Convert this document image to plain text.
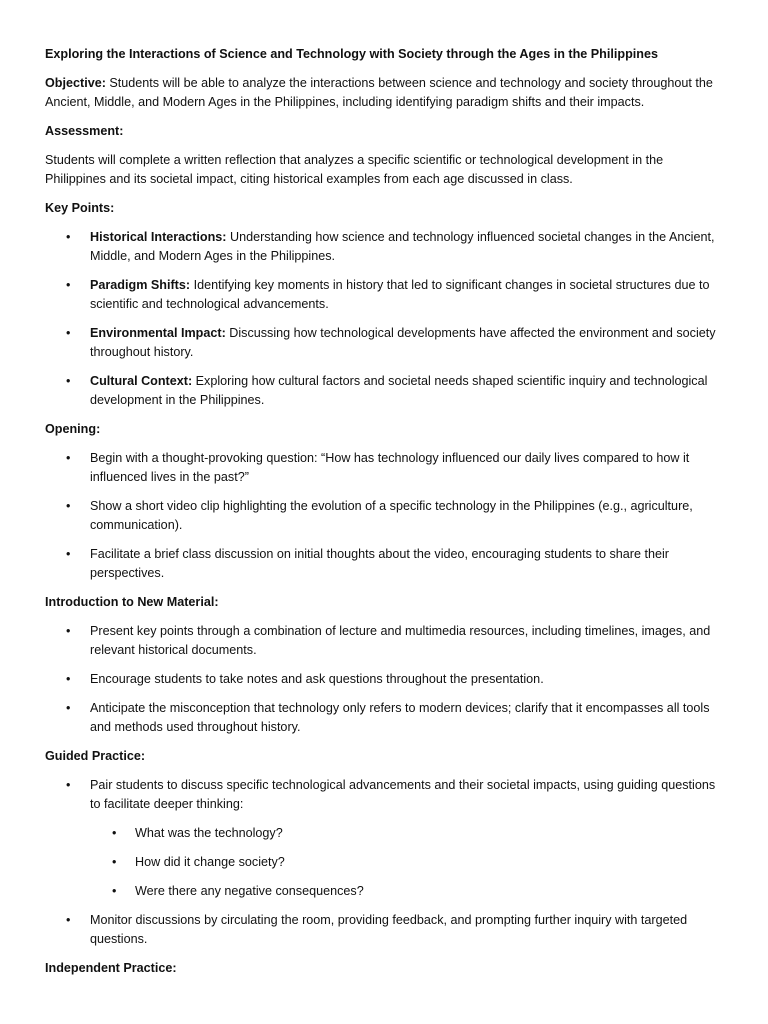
Exploring the Interactions of Science and Technology with Society through the Ages in the Philippines

Objective: Students will be able to analyze the interactions between science and technology and society throughout the Ancient, Middle, and Modern Ages in the Philippines, including identifying paradigm shifts and their impacts.

Assessment:

Students will complete a written reflection that analyzes a specific scientific or technological development in the Philippines and its societal impact, citing historical examples from each age discussed in class.

Key Points:

• Historical Interactions: Understanding how science and technology influenced societal changes in the Ancient, Middle, and Modern Ages in the Philippines.
• Paradigm Shifts: Identifying key moments in history that led to significant changes in societal structures due to scientific and technological advancements.
• Environmental Impact: Discussing how technological developments have affected the environment and society throughout history.
• Cultural Context: Exploring how cultural factors and societal needs shaped scientific inquiry and technological development in the Philippines.

Opening:

• Begin with a thought-provoking question: “How has technology influenced our daily lives compared to how it influenced lives in the past?”
• Show a short video clip highlighting the evolution of a specific technology in the Philippines (e.g., agriculture, communication).
• Facilitate a brief class discussion on initial thoughts about the video, encouraging students to share their perspectives.

Introduction to New Material:

• Present key points through a combination of lecture and multimedia resources, including timelines, images, and relevant historical documents.
• Encourage students to take notes and ask questions throughout the presentation.
• Anticipate the misconception that technology only refers to modern devices; clarify that it encompasses all tools and methods used throughout history.

Guided Practice:

• Pair students to discuss specific technological advancements and their societal impacts, using guiding questions to facilitate deeper thinking:
• What was the technology?
• How did it change society?
• Were there any negative consequences?
• Monitor discussions by circulating the room, providing feedback, and prompting further inquiry with targeted questions.

Independent Practice:
